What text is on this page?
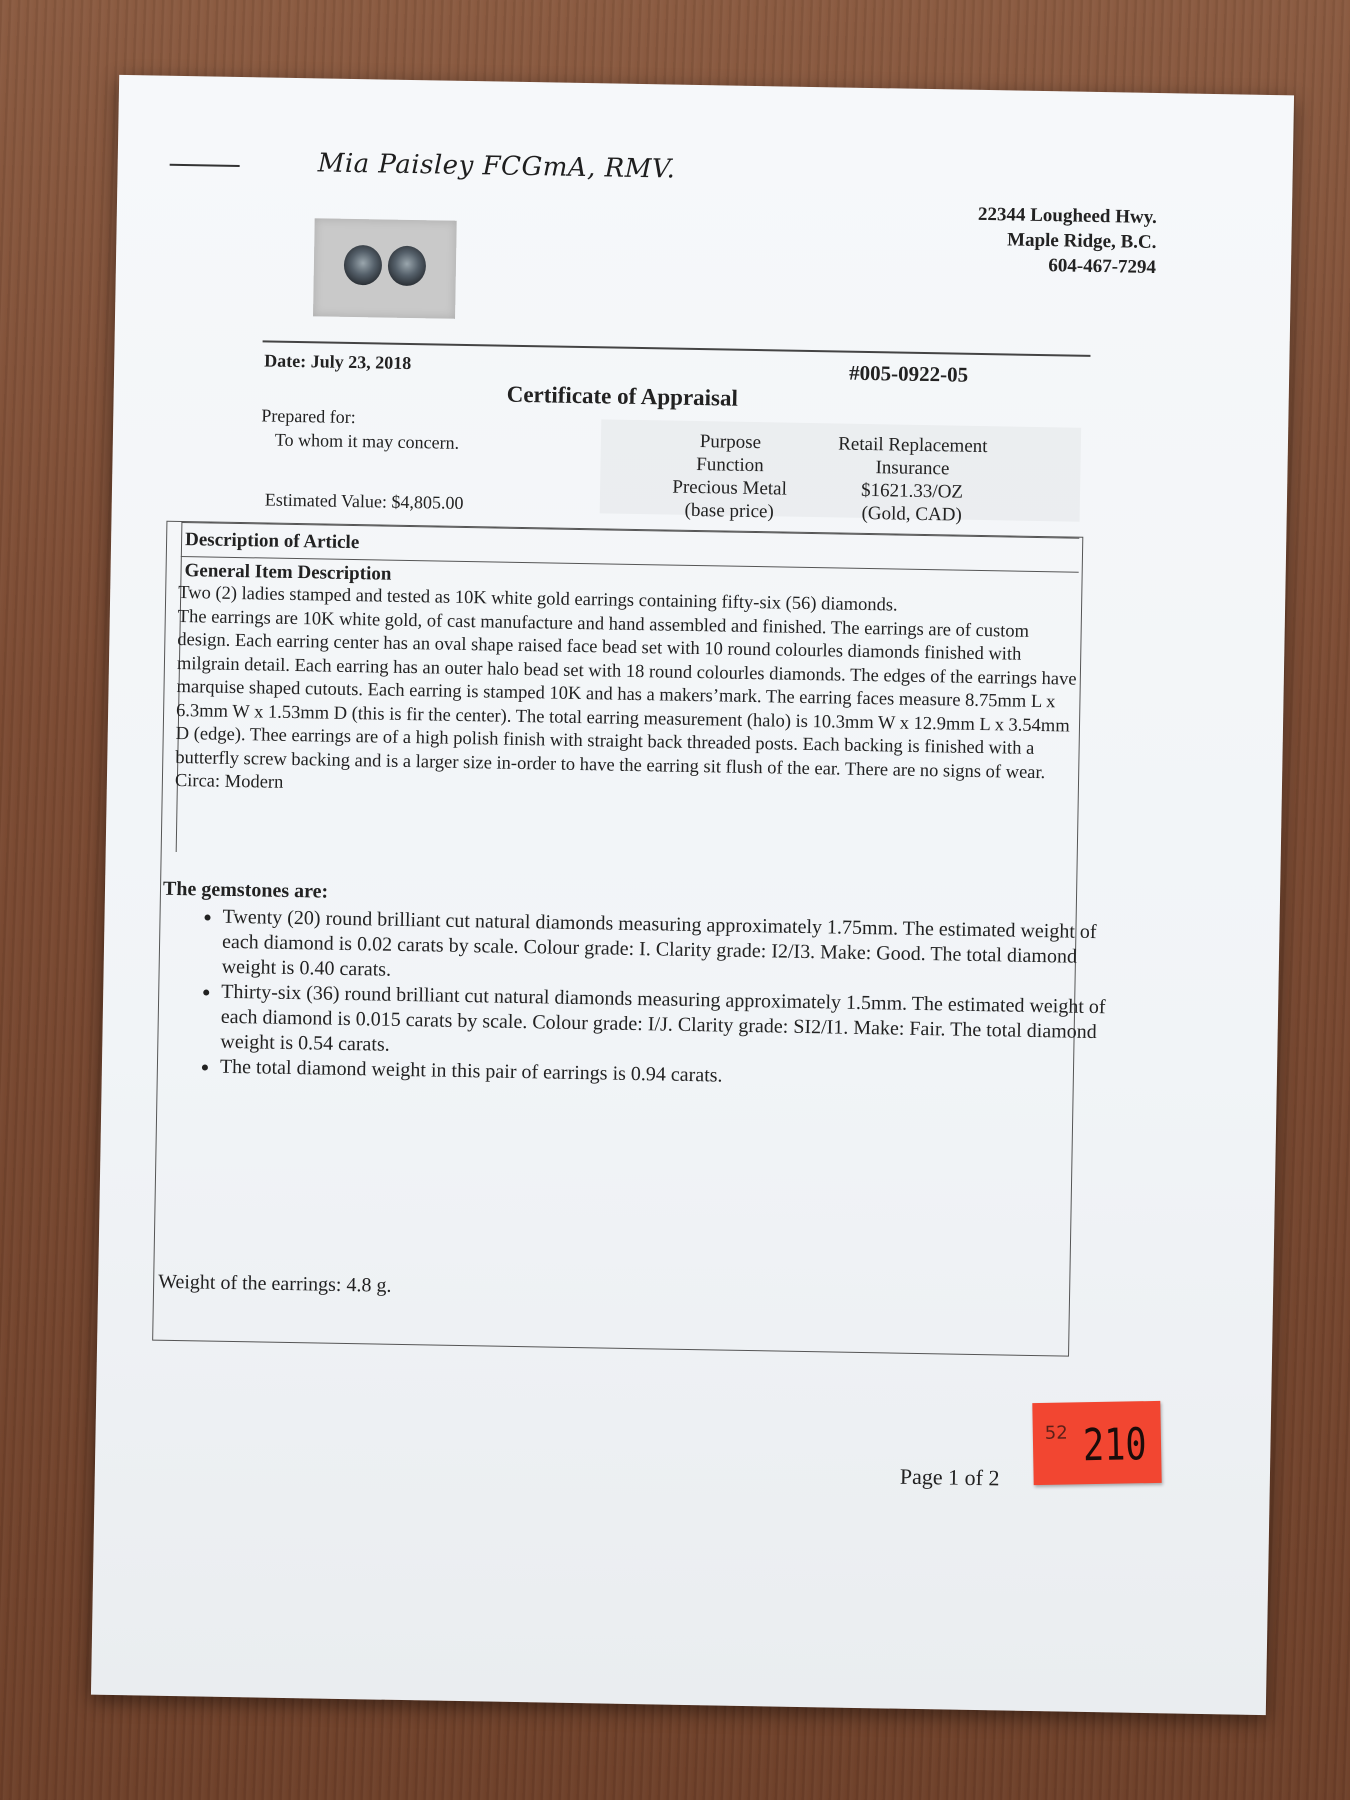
Mia Paisley FCGmA, RMV.
22344 Lougheed Hwy.
Maple Ridge, B.C.
604-467-7294
Date: July 23, 2018	#005-0922-05
Certificate of Appraisal
Prepared for:
To whom it may concern.
Estimated Value: $4,805.00
Purpose
Function
Precious Metal
(base price)
Retail Replacement
Insurance
$1621.33/OZ
(Gold, CAD)
Description of Article
General Item Description
Two (2) ladies stamped and tested as 10K white gold earrings containing fifty-six (56) diamonds.
The earrings are 10K white gold, of cast manufacture and hand assembled and finished. The earrings are of custom design. Each earring center has an oval shape raised face bead set with 10 round colourles diamonds finished with milgrain detail. Each earring has an outer halo bead set with 18 round colourles diamonds. The edges of the earrings have marquise shaped cutouts. Each earring is stamped 10K and has a makers’mark. The earring faces measure 8.75mm L x 6.3mm W x 1.53mm D (this is fir the center). The total earring measurement (halo) is 10.3mm W x 12.9mm L x 3.54mm D (edge). Thee earrings are of a high polish finish with straight back threaded posts. Each backing is finished with a butterfly screw backing and is a larger size in-order to have the earring sit flush of the ear. There are no signs of wear. Circa: Modern
The gemstones are:
• Twenty (20) round brilliant cut natural diamonds measuring approximately 1.75mm. The estimated weight of each diamond is 0.02 carats by scale. Colour grade: I. Clarity grade: I2/I3. Make: Good. The total diamond weight is 0.40 carats.
• Thirty-six (36) round brilliant cut natural diamonds measuring approximately 1.5mm. The estimated weight of each diamond is 0.015 carats by scale. Colour grade: I/J. Clarity grade: SI2/I1. Make: Fair. The total diamond weight is 0.54 carats.
• The total diamond weight in this pair of earrings is 0.94 carats.
Weight of the earrings: 4.8 g.
Page 1 of 2
52 210
